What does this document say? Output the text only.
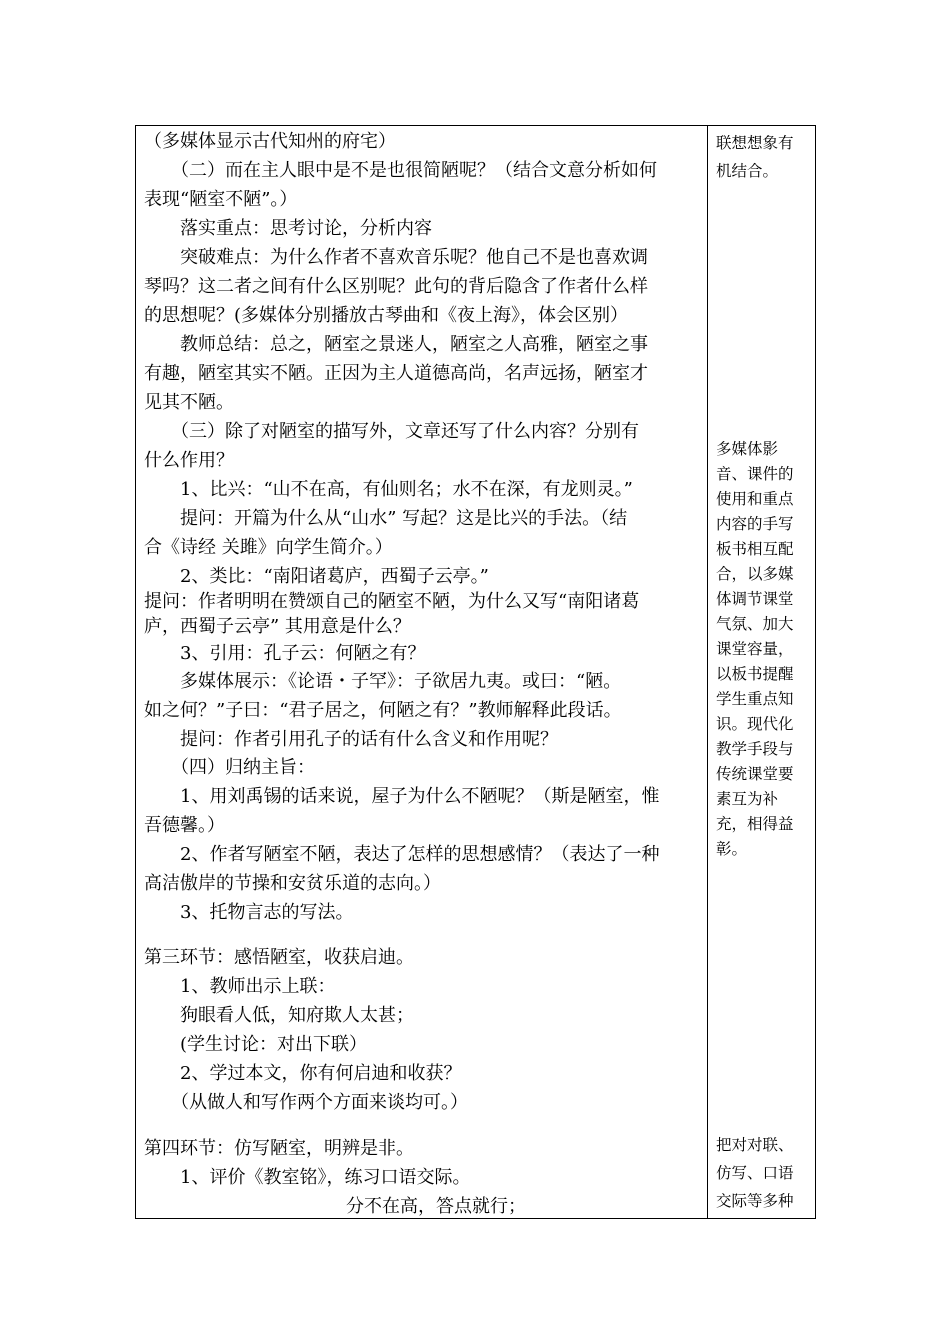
（多媒体显示古代知州的府宅）
　　（二）而在主人眼中是不是也很简陋呢？（结合文意分析如何
表现“陋室不陋”。）
　　落实重点：思考讨论，分析内容
　　突破难点：为什么作者不喜欢音乐呢？他自己不是也喜欢调
琴吗？这二者之间有什么区别呢？此句的背后隐含了作者什么样
的思想呢？(多媒体分别播放古琴曲和《夜上海》，体会区别）
　　教师总结：总之，陋室之景迷人，陋室之人高雅，陋室之事
有趣，陋室其实不陋。正因为主人道德高尚，名声远扬，陋室才
见其不陋。
　　（三）除了对陋室的描写外，文章还写了什么内容？分别有
什么作用？
　　1、比兴：“山不在高，有仙则名；水不在深，有龙则灵。”
　　提问：开篇为什么从“山水” 写起？这是比兴的手法。（结
合《诗经 关雎》向学生简介。）
　　2、类比：“南阳诸葛庐，西蜀子云亭。”
提问：作者明明在赞颂自己的陋室不陋，为什么又写“南阳诸葛
庐，西蜀子云亭” 其用意是什么？
　　3、引用：孔子云：何陋之有？
　　多媒体展示：《论语・子罕》：子欲居九夷。或曰：“陋。
如之何？”子曰：“君子居之，何陋之有？”教师解释此段话。
　　提问：作者引用孔子的话有什么含义和作用呢？
　　（四）归纳主旨：
　　1、用刘禹锡的话来说，屋子为什么不陋呢？（斯是陋室，惟
吾德馨。）
　　2、作者写陋室不陋，表达了怎样的思想感情？（表达了一种
高洁傲岸的节操和安贫乐道的志向。）
　　3、托物言志的写法。
第三环节：感悟陋室，收获启迪。
　　1、教师出示上联：
　　狗眼看人低，知府欺人太甚；
　　(学生讨论：对出下联）
　　2、学过本文，你有何启迪和收获？
　　（从做人和写作两个方面来谈均可。）
第四环节：仿写陋室，明辨是非。
　　1、评价《教室铭》，练习口语交际。
分不在高，答点就行；
联想想象有
机结合。
多媒体影
音、课件的
使用和重点
内容的手写
板书相互配
合，以多媒
体调节课堂
气氛、加大
课堂容量，
以板书提醒
学生重点知
识。现代化
教学手段与
传统课堂要
素互为补
充，相得益
彰。
把对对联、
仿写、口语
交际等多种
